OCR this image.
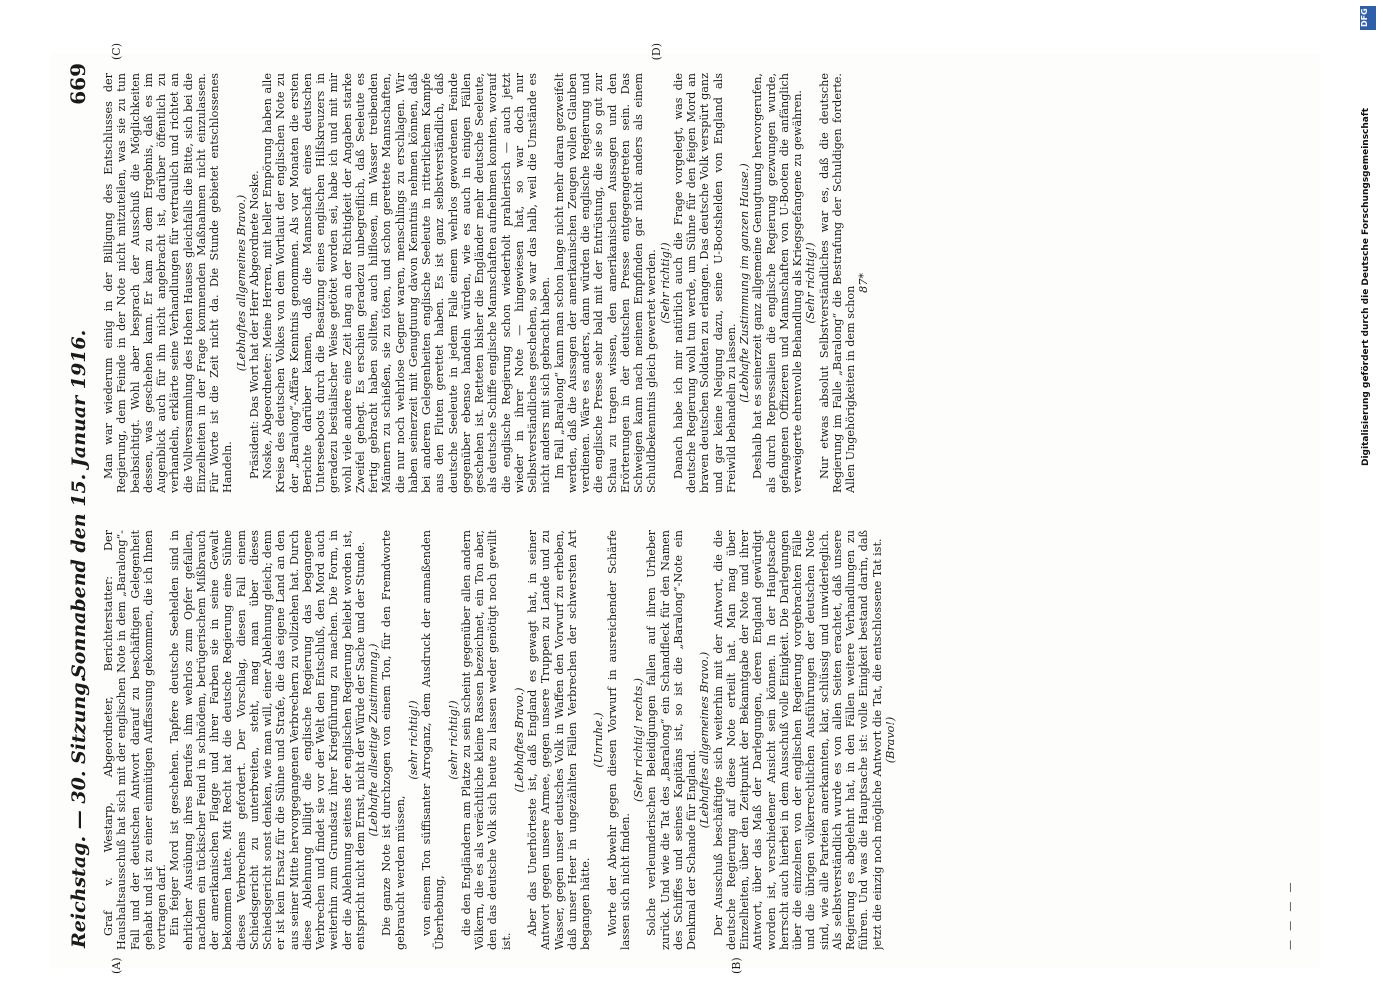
Reichstag. — 30. Sitzung.
Sonnabend den 15. Januar 1916.
669

Graf v. Westarp, Abgeordneter, Berichterstatter: Der Haushaltsausschuß hat sich mit der englischen Note in dem „Baralong“-Fall und der deutschen Antwort darauf zu beschäftigen Gelegenheit gehabt und ist zu einer einmütigen Auffassung gekommen, die ich Ihnen vortragen darf. Ein feiger Mord ist geschehen. Tapfere deutsche Seehelden sind in ehrlicher Ausübung ihres Berufes ihm wehrlos zum Opfer gefallen, nachdem ein tückischer Feind in schnödem, betrügerischem Mißbrauch der amerikanischen Flagge und ihrer Farben sie in seine Gewalt bekommen hatte. Mit Recht hat die deutsche Regierung eine Sühne dieses Verbrechens gefordert. Der Vorschlag, diesen Fall einem Schiedsgericht zu unterbreiten, steht, mag man über dieses Schiedsgericht sonst denken, wie man will, einer Ablehnung gleich; denn er ist kein Ersatz für die Sühne und Strafe, die das eigene Land an den aus seiner Mitte hervorgegangenen Verbrechern zu vollziehen hat. Durch diese Ablehnung billigt die englische Regierung das begangene Verbrechen und findet sie vor der Welt den Entschluß, den Mord auch weiterhin zum Grundsatz ihrer Kriegführung zu machen. Die Form, in der die Ablehnung seitens der englischen Regierung beliebt worden ist, entspricht nicht dem Ernst, nicht der Würde der Sache und der Stunde. (Lebhafte allseitige Zustimmung.) Die ganze Note ist durchzogen von einem Ton, für den Fremdworte gebraucht werden müssen,

(sehr richtig!) von einem Ton süffisanter Arroganz, dem Ausdruck der anmaßenden Überhebung,

(sehr richtig!) die den Engländern am Platze zu sein scheint gegenüber allen andern Völkern, die es als verächtliche kleine Rassen bezeichnet, ein Ton aber, den das deutsche Volk sich heute zu lassen weder genötigt noch gewillt ist.

(Lebhaftes Bravo.) Aber das Unerhörteste ist, daß England es gewagt hat, in seiner Antwort gegen unsere Armee, gegen unsere Truppen zu Lande und zu Wasser, gegen unser deutsches Volk in Waffen den Vorwurf zu erheben, daß unser Heer in ungezählten Fällen Verbrechen der schwersten Art begangen hätte.

(Unruhe.) Worte der Abwehr gegen diesen Vorwurf in ausreichender Schärfe lassen sich nicht finden.

(Sehr richtig! rechts.) Solche verleumderischen Beleidigungen fallen auf ihren Urheber zurück. Und wie die Tat des „Baralong“ ein Schandfleck für den Namen des Schiffes und seines Kapitäns ist, so ist die „Baralong“-Note ein Denkmal der Schande für England.

(Lebhaftes allgemeines Bravo.) Der Ausschuß beschäftigte sich weiterhin mit der Antwort, die die deutsche Regierung auf diese Note erteilt hat. Man mag über Einzelheiten, über den Zeitpunkt der Bekanntgabe der Note und ihrer Antwort, über das Maß der Darlegungen, deren England gewürdigt worden ist, verschiedener Ansicht sein können. In der Hauptsache herrscht auch hierbei in dem Ausschuß volle Einigkeit. Die Darlegungen über die einzelnen von der englischen Regierung vorgebrachten Fälle und die übrigen völkerrechtlichen Ausführungen der deutschen Note sind, wie alle Parteien anerkannten, klar, schlüssig und unwiderleglich. Als selbstverständlich wurde es von allen Seiten erachtet, daß unsere Regierung es abgelehnt hat, in den Fällen weitere Verhandlungen zu führen. Und was die Hauptsache ist: volle Einigkeit bestand darin, daß jetzt die einzig noch mögliche Antwort die Tat, die entschlossene Tat ist. (Bravo!)

Man war wiederum einig in der Billigung des Entschlusses der Regierung, dem Feinde in der Note nicht mitzuteilen, was sie zu tun beabsichtigt. Wohl aber besprach der Ausschuß die Möglichkeiten dessen, was geschehen kann. Er kam zu dem Ergebnis, daß es im Augenblick auch für ihn nicht angebracht ist, darüber öffentlich zu verhandeln, erklärte seine Verhandlungen für vertraulich und richtet an die Vollversammlung des Hohen Hauses gleichfalls die Bitte, sich bei die Einzelheiten in der Frage kommenden Maßnahmen nicht einzulassen. Für Worte ist die Zeit nicht da. Die Stunde gebietet entschlossenes Handeln.

(Lebhaftes allgemeines Bravo.) Präsident: Das Wort hat der Herr Abgeordnete Noske. Noske, Abgeordneter: Meine Herren, mit heller Empörung haben alle Kreise des deutschen Volkes von dem Wortlaut der englischen Note zu der „Baralong“-Affäre Kenntnis genommen. Als vor Monaten die ersten Berichte darüber kamen, daß die Mannschaft eines deutschen Unterseeboots durch die Besatzung eines englischen Hilfskreuzers in geradezu bestialischer Weise getötet worden sei, habe ich und mit mir wohl viele andere eine Zeit lang an der Richtigkeit der Angaben starke Zweifel gehegt. Es erschien geradezu unbegreiflich, daß Seeleute es fertig gebracht haben sollten, auch hilflosen, im Wasser treibenden Männern zu schießen, sie zu töten, und schon gerettete Mannschaften, die nur noch wehrlose Gegner waren, menschlings zu erschlagen. Wir haben seinerzeit mit Genugtuung davon Kenntnis nehmen können, daß bei anderen Gelegenheiten englische Seeleute in ritterlichem Kampfe aus den Fluten gerettet haben. Es ist ganz selbstverständlich, daß deutsche Seeleute in jedem Falle einem wehrlos gewordenen Feinde gegenüber ebenso handeln würden, wie es auch in einigen Fällen geschehen ist. Retteten bisher die Engländer mehr deutsche Seeleute, als deutsche Schiffe englische Mannschaften aufnehmen konnten, worauf die englische Regierung schon wiederholt prahlerisch — auch jetzt wieder in ihrer Note — hingewiesen hat, so war doch nur Selbstverständliches geschehen, so war das halb, weil die Umstände es nicht anders mit sich gebracht haben. Im Fall „Baralong“ kann man schon lange nicht mehr daran gezweifelt werden, daß die Aussagen der amerikanischen Zeugen vollen Glauben verdienen. Wäre es anders, dann würden die englische Regierung und die englische Presse sehr bald mit der Entrüstung, die sie so gut zur Schau zu tragen wissen, den amerikanischen Aussagen und den Erörterungen in der deutschen Presse entgegengetreten sein. Das Schweigen kann nach meinem Empfinden gar nicht anders als einem Schuldbekenntnis gleich gewertet werden. (Sehr richtig!) Danach habe ich mir natürlich auch die Frage vorgelegt, was die deutsche Regierung wohl tun werde, um Sühne für den feigen Mord an braven deutschen Soldaten zu erlangen. Das deutsche Volk verspürt ganz und gar keine Neigung dazu, seine U-Bootshelden von England als Freiwild behandeln zu lassen.

(Lebhafte Zustimmung im ganzen Hause.) Deshalb hat es seinerzeit ganz allgemeine Genugtuung hervorgerufen, als durch Repressalien die englische Regierung gezwungen wurde, gefangenen Offizieren und Mannschaften von U-Booten die anfänglich verweigerte ehrenvolle Behandlung als Kriegsgefangene zu gewähren. (Sehr richtig!) Nur etwas absolut Selbstverständliches war es, daß die deutsche Regierung im Falle „Baralong“ die Bestrafung der Schuldigen forderte. Allen Ungehörigkeiten in dem schon

87*

(A)	(B)
(C)	(D)
— — — —
DFG
Digitalisierung gefördert durch die Deutsche Forschungsgemeinschaft
